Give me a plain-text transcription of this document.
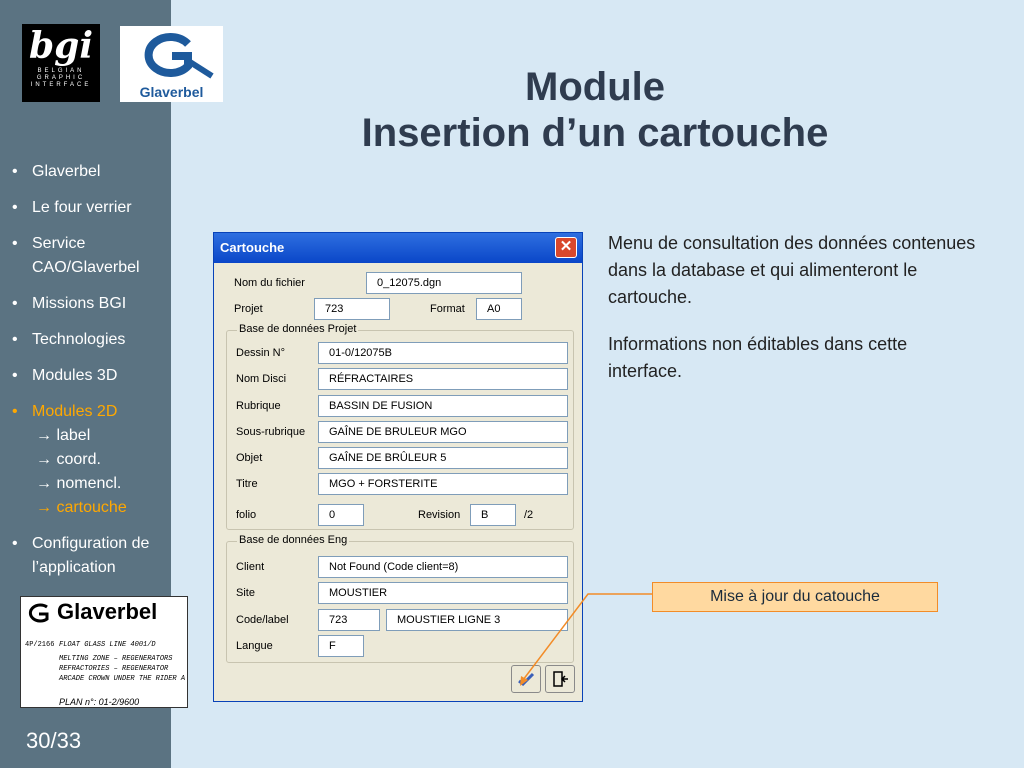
bgi
BELGIAN
GRAPHIC
INTERFACE	Glaverbel
• Glaverbel
• Le four verrier
• Service CAO/Glaverbel
• Missions BGI
• Technologies
• Modules 3D
• Modules 2D
→ label
→ coord.
→ nomencl.
→ cartouche
• Configuration de l’application
30/33
Glaverbel
4P/2166 FLOAT GLASS LINE 4001/D
MELTING ZONE – REGENERATORS
REFRACTORIES – REGENERATOR
ARCADE CROWN UNDER THE RIDER A
PLAN n°: 01-2/9600
Module
Insertion d’un cartouche
Cartouche	✕
Nom du fichier	0_12075.dgn
Projet	723	Format	A0
Base de données Projet
Dessin N°	01-0/12075B
Nom Disci	RÉFRACTAIRES
Rubrique	BASSIN DE FUSION
Sous-rubrique	GAÎNE DE BRULEUR MGO
Objet	GAÎNE DE BRÛLEUR 5
Titre	MGO + FORSTERITE
folio	0	Revision	B	/2
Base de données Eng
Client	Not Found (Code client=8)
Site	MOUSTIER
Code/label	723	MOUSTIER LIGNE 3
Langue	F

Menu de consultation des données contenues dans la database et qui alimenteront le cartouche.

Informations non éditables dans cette interface.

Mise à jour du catouche
